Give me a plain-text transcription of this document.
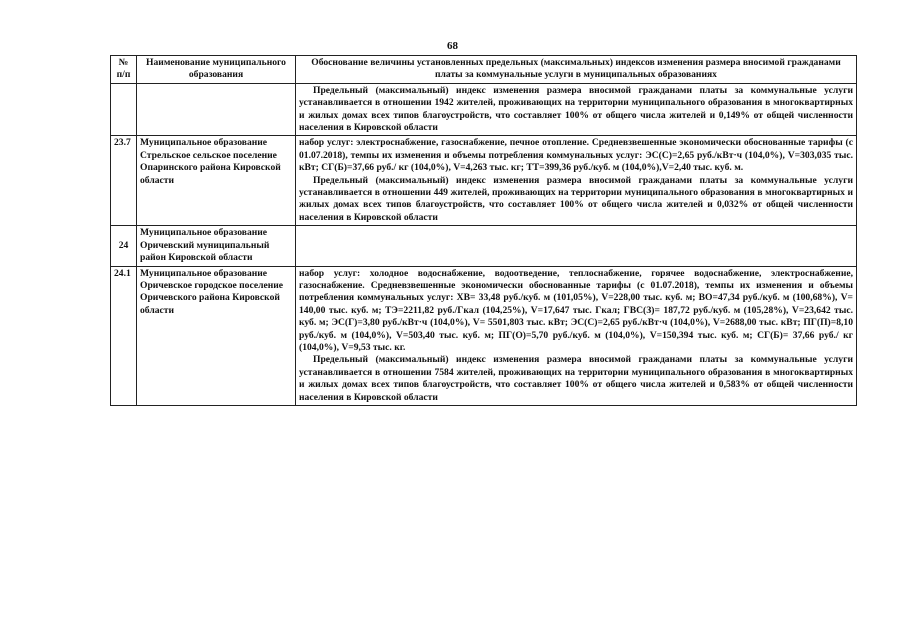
68
№ п/п	Наименование муниципального образования	Обоснование величины установленных предельных (максимальных) индексов изменения размера вносимой гражданами платы за коммунальные услуги в муниципальных образованиях

		Предельный (максимальный) индекс изменения размера вносимой гражданами платы за коммунальные услуги устанавливается в отношении 1942 жителей, проживающих на территории муниципального образования в многоквартирных и жилых домах всех типов благоустройств, что составляет 100% от общего числа жителей и 0,149% от общей численности населения в Кировской области

23.7	Муниципальное образование Стрельское сельское поселение Опаринского района Кировской области	набор услуг: электроснабжение, газоснабжение, печное отопление. Средневзвешенные экономически обоснованные тарифы (с 01.07.2018), темпы их изменения и объемы потребления коммунальных услуг: ЭС(С)=2,65 руб./кВт·ч (104,0%), V=303,035 тыс. кВт; СГ(Б)=37,66 руб./ кг (104,0%), V=4,263 тыс. кг; ТТ=399,36 руб./куб. м (104,0%),V=2,40 тыс. куб. м.

Предельный (максимальный) индекс изменения размера вносимой гражданами платы за коммунальные услуги устанавливается в отношении 449 жителей, проживающих на территории муниципального образования в многоквартирных и жилых домах всех типов благоустройств, что составляет 100% от общего числа жителей и 0,032% от общей численности населения в Кировской области

24	Муниципальное образование Оричевский муниципальный район Кировской области	
24.1	Муниципальное образование Оричевское городское поселение Оричевского района Кировской области	набор услуг: холодное водоснабжение, водоотведение, теплоснабжение, горячее водоснабжение, электроснабжение, газоснабжение. Средневзвешенные экономически обоснованные тарифы (с 01.07.2018), темпы их изменения и объемы потребления коммунальных услуг: ХВ= 33,48 руб./куб. м (101,05%), V=228,00 тыс. куб. м; ВО=47,34 руб./куб. м (100,68%), V= 140,00 тыс. куб. м; ТЭ=2211,82 руб./Гкал (104,25%), V=17,647 тыс. Гкал; ГВС(З)= 187,72 руб./куб. м (105,28%), V=23,642 тыс. куб. м; ЭС(Г)=3,80 руб./кВт·ч (104,0%), V= 5501,803 тыс. кВт; ЭС(С)=2,65 руб./кВт·ч (104,0%), V=2688,00 тыс. кВт; ПГ(П)=8,10 руб./куб. м (104,0%), V=503,40 тыс. куб. м; ПГ(О)=5,70 руб./куб. м (104,0%), V=150,394 тыс. куб. м; СГ(Б)= 37,66 руб./ кг (104,0%), V=9,53 тыс. кг.

Предельный (максимальный) индекс изменения размера вносимой гражданами платы за коммунальные услуги устанавливается в отношении 7584 жителей, проживающих на территории муниципального образования в многоквартирных и жилых домах всех типов благоустройств, что составляет 100% от общего числа жителей и 0,583% от общей численности населения в Кировской области
